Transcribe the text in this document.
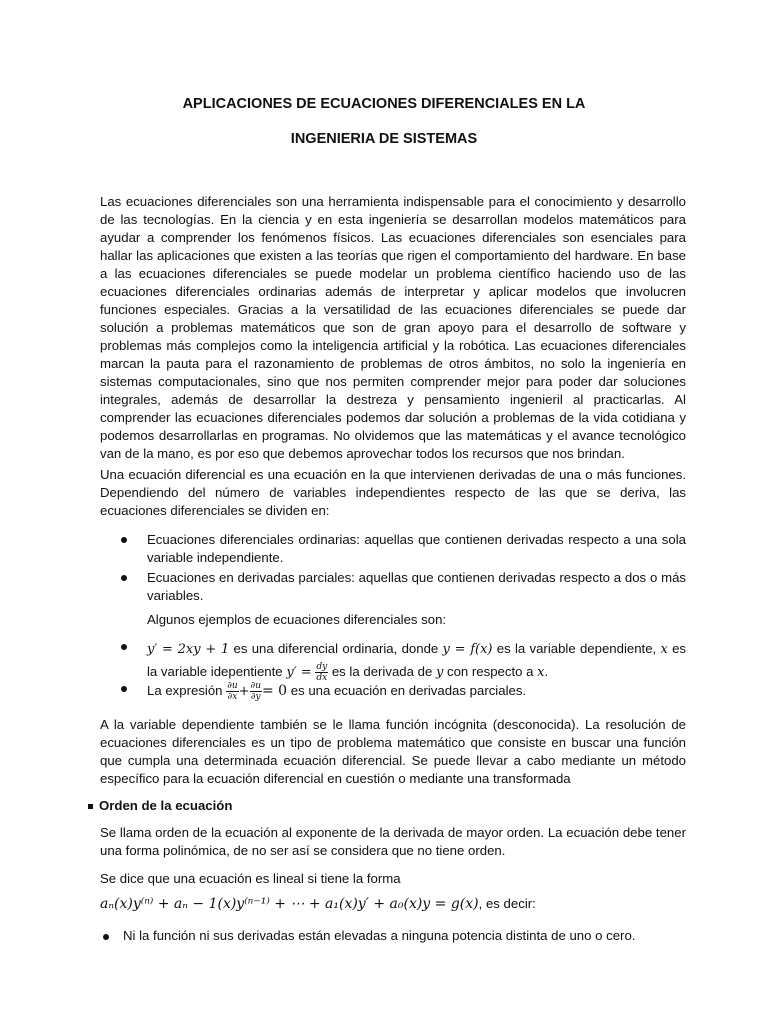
APLICACIONES DE ECUACIONES DIFERENCIALES EN LA
INGENIERIA DE SISTEMAS

Las ecuaciones diferenciales son una herramienta indispensable para el conocimiento y desarrollo de las tecnologías. En la ciencia y en esta ingeniería se desarrollan modelos matemáticos para ayudar a comprender los fenómenos físicos. Las ecuaciones diferenciales son esenciales para hallar las aplicaciones que existen a las teorías que rigen el comportamiento del hardware. En base a las ecuaciones diferenciales se puede modelar un problema científico haciendo uso de las ecuaciones diferenciales ordinarias además de interpretar y aplicar modelos que involucren funciones especiales. Gracias a la versatilidad de las ecuaciones diferenciales se puede dar solución a problemas matemáticos que son de gran apoyo para el desarrollo de software y problemas más complejos como la inteligencia artificial y la robótica. Las ecuaciones diferenciales marcan la pauta para el razonamiento de problemas de otros ámbitos, no solo la ingeniería en sistemas computacionales, sino que nos permiten comprender mejor para poder dar soluciones integrales, además de desarrollar la destreza y pensamiento ingenieril al practicarlas. Al comprender las ecuaciones diferenciales podemos dar solución a problemas de la vida cotidiana y podemos desarrollarlas en programas. No olvidemos que las matemáticas y el avance tecnológico van de la mano, es por eso que debemos aprovechar todos los recursos que nos brindan.

Una ecuación diferencial es una ecuación en la que intervienen derivadas de una o más funciones. Dependiendo del número de variables independientes respecto de las que se deriva, las ecuaciones diferenciales se dividen en:

Ecuaciones diferenciales ordinarias: aquellas que contienen derivadas respecto a una sola variable independiente.
Ecuaciones en derivadas parciales: aquellas que contienen derivadas respecto a dos o más variables.
Algunos ejemplos de ecuaciones diferenciales son:
y′ = 2xy + 1 es una diferencial ordinaria, donde y = f(x) es la variable dependiente, x es la variable idepentiente $y' = \frac{dy}{dx}$ es la derivada de y con respecto a x.
La expresión $\frac{\partial u}{\partial x} + \frac{\partial u}{\partial y} = 0$ es una ecuación en derivadas parciales.

A la variable dependiente también se le llama función incógnita (desconocida). La resolución de ecuaciones diferenciales es un tipo de problema matemático que consiste en buscar una función que cumpla una determinada ecuación diferencial. Se puede llevar a cabo mediante un método específico para la ecuación diferencial en cuestión o mediante una transformada

Orden de la ecuación

Se llama orden de la ecuación al exponente de la derivada de mayor orden. La ecuación debe tener una forma polinómica, de no ser así se considera que no tiene orden.

Se dice que una ecuación es lineal si tiene la forma

aₙ(x)y⁽ⁿ⁾ + aₙ − 1(x)y⁽ⁿ⁻¹⁾ + ⋯ + a₁(x)y′ + a₀(x)y = g(x), es decir:
Ni la función ni sus derivadas están elevadas a ninguna potencia distinta de uno o cero.
